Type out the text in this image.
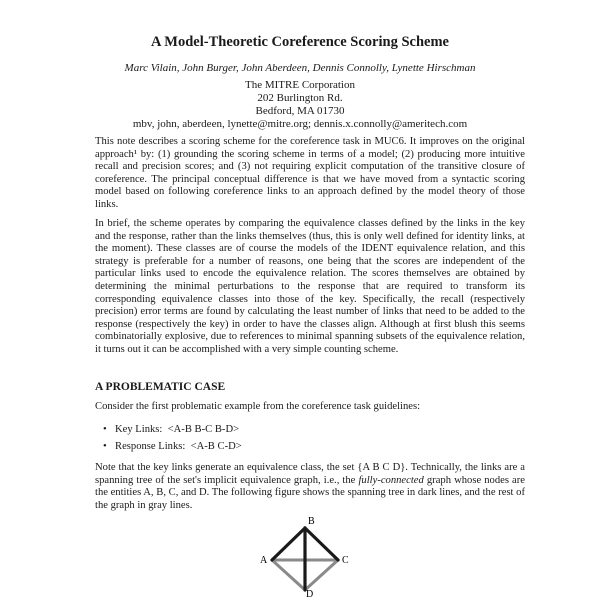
A Model-Theoretic Coreference Scoring Scheme
Marc Vilain, John Burger, John Aberdeen, Dennis Connolly, Lynette Hirschman
The MITRE Corporation
202 Burlington Rd.
Bedford, MA 01730
mbv, john, aberdeen, lynette@mitre.org; dennis.x.connolly@ameritech.com

This note describes a scoring scheme for the coreference task in MUC6. It improves on the original approach¹ by: (1) grounding the scoring scheme in terms of a model; (2) producing more intuitive recall and precision scores; and (3) not requiring explicit computation of the transitive closure of coreference. The principal conceptual difference is that we have moved from a syntactic scoring model based on following coreference links to an approach defined by the model theory of those links.

In brief, the scheme operates by comparing the equivalence classes defined by the links in the key and the response, rather than the links themselves (thus, this is only well defined for identity links, at the moment). These classes are of course the models of the IDENT equivalence relation, and this strategy is preferable for a number of reasons, one being that the scores are independent of the particular links used to encode the equivalence relation. The scores themselves are obtained by determining the minimal perturbations to the response that are required to transform its corresponding equivalence classes into those of the key. Specifically, the recall (respectively precision) error terms are found by calculating the least number of links that need to be added to the response (respectively the key) in order to have the classes align. Although at first blush this seems combinatorially explosive, due to references to minimal spanning subsets of the equivalence relation, it turns out it can be accomplished with a very simple counting scheme.

A PROBLEMATIC CASE

Consider the first problematic example from the coreference task guidelines:

• Key Links: <A-B B-C B-D>
• Response Links: <A-B C-D>

Note that the key links generate an equivalence class, the set {A B C D}. Technically, the links are a spanning tree of the set's implicit equivalence graph, i.e., the fully-connected graph whose nodes are the entities A, B, C, and D. The following figure shows the spanning tree in dark lines, and the rest of the graph in gray lines.

B
A	C
D
